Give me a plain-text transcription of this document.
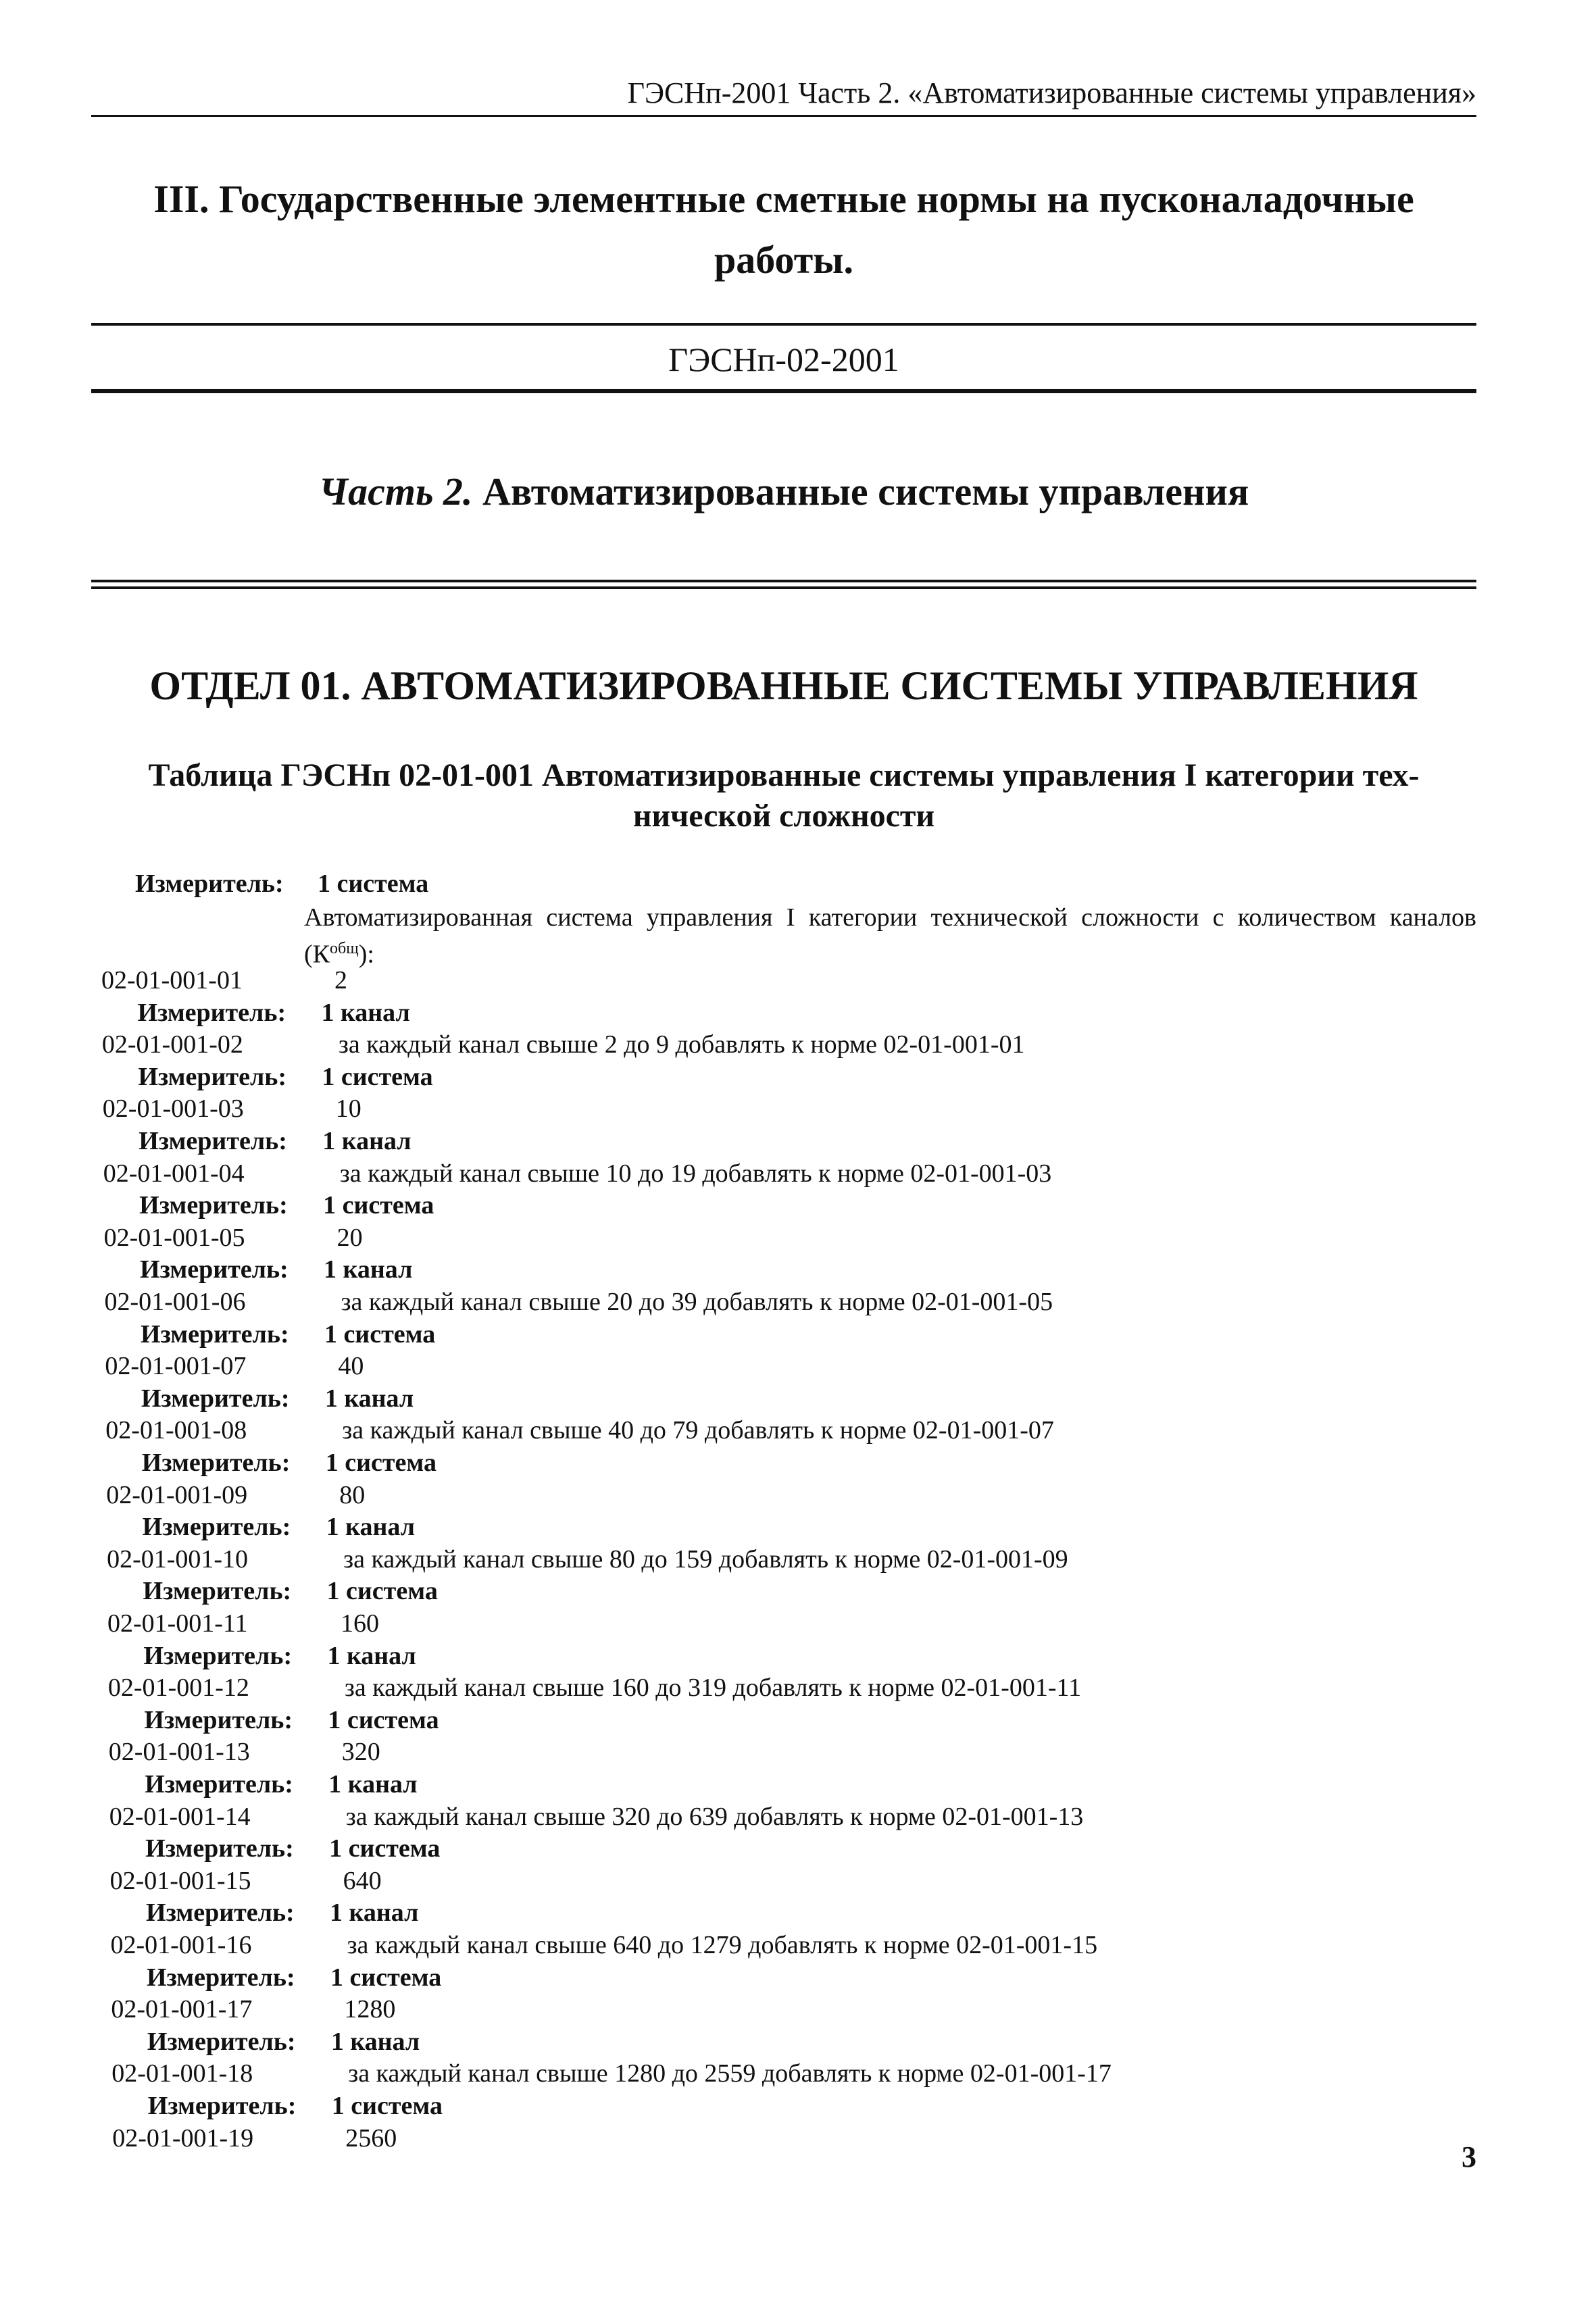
ГЭСНп-2001 Часть 2. «Автоматизированные системы управления»
III. Государственные элементные сметные нормы на пусконаладочные работы.
ГЭСНп-02-2001
Часть 2. Автоматизированные системы управления
ОТДЕЛ 01. АВТОМАТИЗИРОВАННЫЕ СИСТЕМЫ УПРАВЛЕНИЯ
Таблица ГЭСНп 02-01-001 Автоматизированные системы управления I категории тех-
нической сложности
Измеритель: 1 система
Автоматизированная система управления I категории технической сложности с количеством каналов $(К^{общ})$:
02-01-001-01	2
Измеритель: 1 канал
02-01-001-02	за каждый канал свыше 2 до 9 добавлять к норме 02-01-001-01
Измеритель: 1 система
02-01-001-03	10
Измеритель: 1 канал
02-01-001-04	за каждый канал свыше 10 до 19 добавлять к норме 02-01-001-03
Измеритель: 1 система
02-01-001-05	20
Измеритель: 1 канал
02-01-001-06	за каждый канал свыше 20 до 39 добавлять к норме 02-01-001-05
Измеритель: 1 система
02-01-001-07	40
Измеритель: 1 канал
02-01-001-08	за каждый канал свыше 40 до 79 добавлять к норме 02-01-001-07
Измеритель: 1 система
02-01-001-09	80
Измеритель: 1 канал
02-01-001-10	за каждый канал свыше 80 до 159 добавлять к норме 02-01-001-09
Измеритель: 1 система
02-01-001-11	160
Измеритель: 1 канал
02-01-001-12	за каждый канал свыше 160 до 319 добавлять к норме 02-01-001-11
Измеритель: 1 система
02-01-001-13	320
Измеритель: 1 канал
02-01-001-14	за каждый канал свыше 320 до 639 добавлять к норме 02-01-001-13
Измеритель: 1 система
02-01-001-15	640
Измеритель: 1 канал
02-01-001-16	за каждый канал свыше 640 до 1279 добавлять к норме 02-01-001-15
Измеритель: 1 система
02-01-001-17	1280
Измеритель: 1 канал
02-01-001-18	за каждый канал свыше 1280 до 2559 добавлять к норме 02-01-001-17
Измеритель: 1 система
02-01-001-19	2560
3
